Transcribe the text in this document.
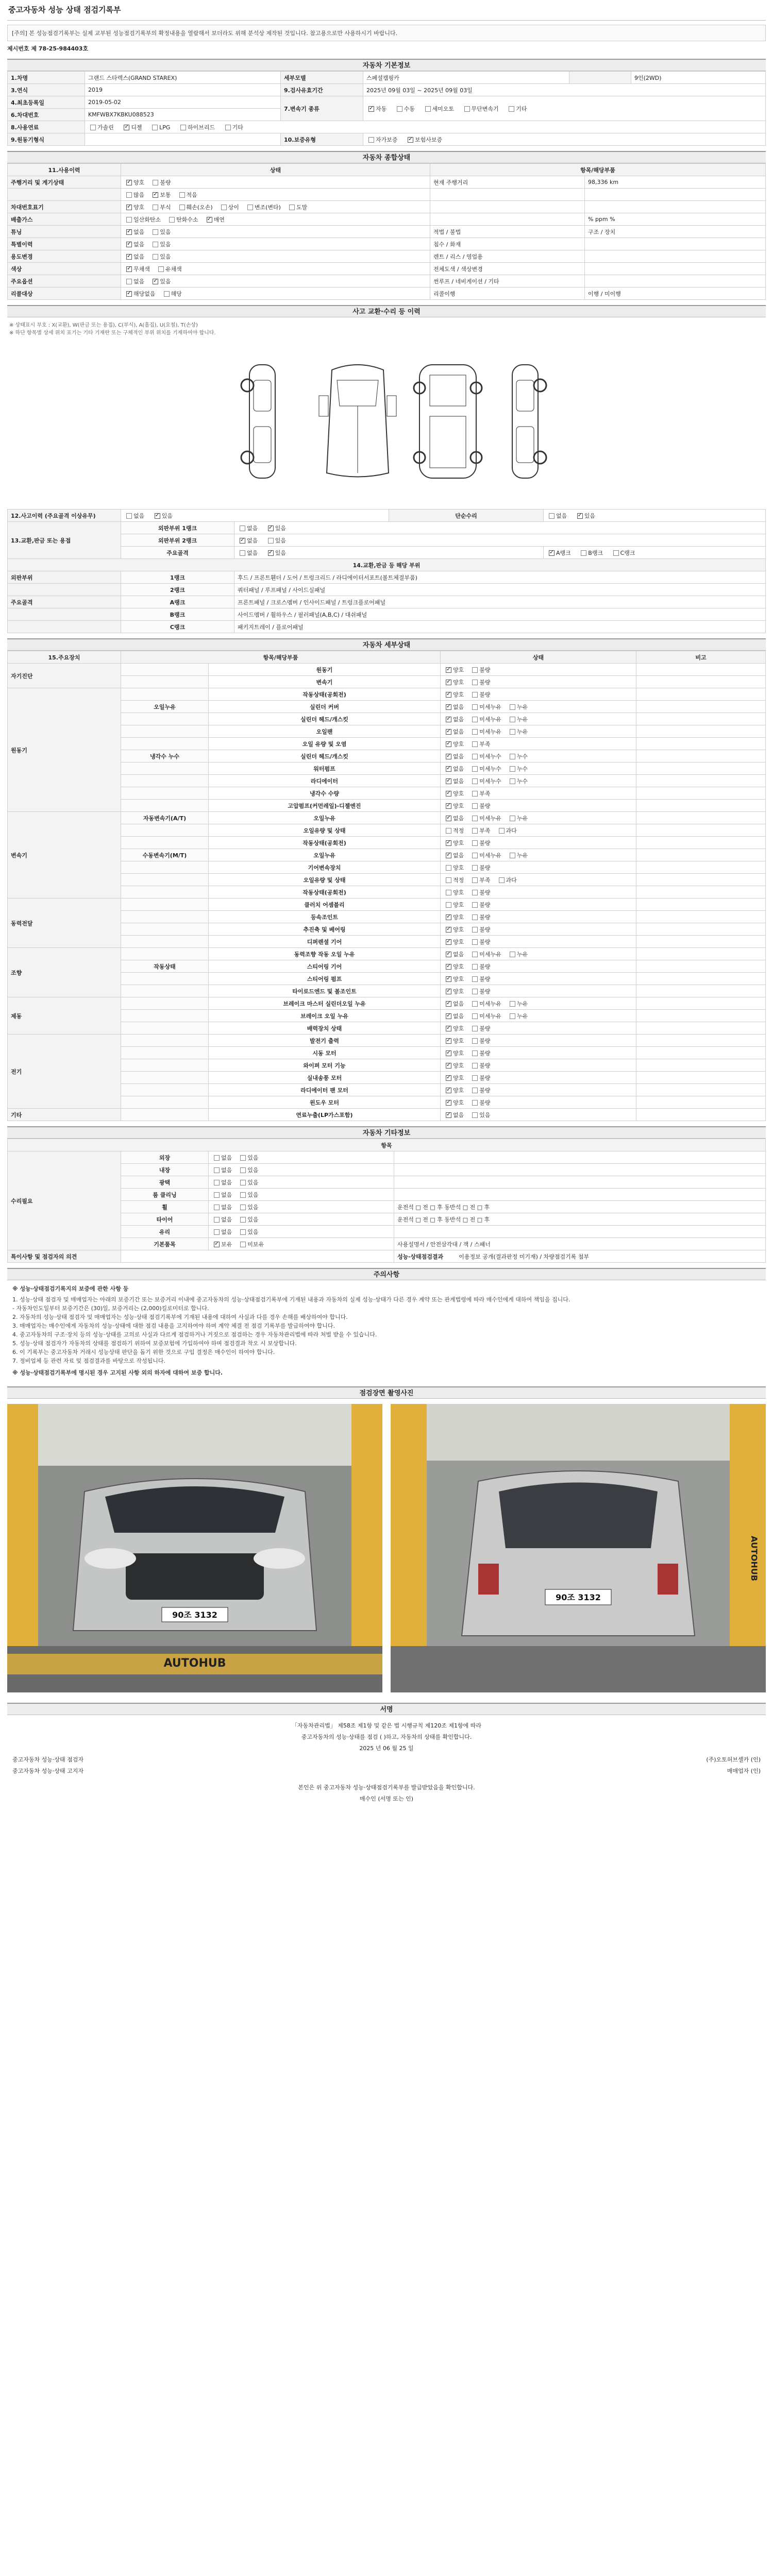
중고자동차 성능 상태 점검기록부
[주의] 본 성능점검기록부는 실제 교부된 성능점검기록부의 확정내용을 열람해서 보더라도 위해 분석상 제작된 것입니다. 참고용으로만 사용하시기 바랍니다.
제시번호 제 78-25-984403호
자동차 기본정보
1.차명	그랜드 스타렉스(GRAND STAREX)	세부모델	스페셜캠핑카		9인(2WD)
3.연식	2019	9.검사유효기간	2025년 09월 03일 ~ 2025년 09월 03일		
4.최초등록일	2019-05-02	7.변속기 종류	✓자동 수동 세미오토 무단변속기 기타
6.차대번호	KMFWBX7KBKU088523				
8.사용연료	가솔린 ✓ 디젤 LPG 하이브리드 기타
9.원동기형식		10.보증유형	자가보증 ✓ 보험사보증
자동차 종합상태
11.사용이력	상태	항목/해당부품	
주행거리 및 계기상태	✓양호 불량	현재 주행거리	98,336 km
	많음 ✓ 보통 적음		
차대번호표기	✓양호 부식 훼손(오손) 상이 변조(변타) 도말		
배출가스	일산화탄소 탄화수소 ✓ 매연		% ppm %
튜닝	✓없음 있음	적법 / 불법	구조 / 장치
특별이력	✓없음 있음	침수 / 화재	
용도변경	✓없음 있음	렌트 / 리스 / 영업용	
색상	✓무채색 유채색	전체도색 / 색상변경	
주요옵션	없음 ✓ 있음	썬루프 / 네비게이션 / 기타	
리콜대상	✓해당없음 해당	리콜이행	이행 / 미이행
사고 교환·수리 등 이력
※ 상태표시 부호 : X(교환), W(판금 또는 용접), C(부식), A(흠집), U(요철), T(손상)
※ 하단 항목별 상세 위치 표기는 기타 기재란 또는 구체적인 부위 위치를 기재하여야 합니다.
12.사고이력 (주요골격 이상유무)	없음 ✓ 있음		단순수리	없음 ✓ 있음
13.교환,판금 또는 용접	외판부위 1랭크	없음 ✓ 있음
	외판부위 2랭크	✓없음 있음
	주요골격	없음 ✓ 있음	✓A랭크 B랭크 C랭크
14.교환,판금 등 해당 부위				
외판부위	1랭크	후드 / 프론트휀더 / 도어 / 트렁크리드 / 라디에이터서포트(볼트체결부품)		
	2랭크	쿼터패널 / 루프패널 / 사이드실패널		
주요골격	A랭크	프론트패널 / 크로스멤버 / 인사이드패널 / 트렁크플로어패널		
	B랭크	사이드멤버 / 휠하우스 / 필러패널(A,B,C) / 대쉬패널		
	C랭크	패키지트레이 / 플로어패널		
자동차 세부상태
15.주요장치	항목/해당부품		상태	비고
자기진단		원동기	✓양호 불량	
		변속기	✓양호 불량	
원동기		작동상태(공회전)	✓양호 불량	
	오일누유	실린더 커버	✓없음 미세누유 누유	
		실린더 헤드/개스킷	✓없음 미세누유 누유	
		오일팬	✓없음 미세누유 누유	
		오일 유량 및 오염	✓양호 부족	
	냉각수 누수	실린더 헤드/개스킷	✓없음 미세누수 누수	
		워터펌프	✓없음 미세누수 누수	
		라디에이터	✓없음 미세누수 누수	
		냉각수 수량	✓양호 부족	
		고압펌프(커먼레일)-디젤엔진	✓양호 불량	
변속기	자동변속기(A/T)	오일누유	✓없음 미세누유 누유	
		오일유량 및 상태	적정 부족 과다	
		작동상태(공회전)	✓양호 불량	
	수동변속기(M/T)	오일누유	✓없음 미세누유 누유	
		기어변속장치	양호 불량	
		오일유량 및 상태	적정 부족 과다	
		작동상태(공회전)	양호 불량	
동력전달		클러치 어셈블리	양호 불량	
		등속조인트	✓양호 불량	
		추진축 및 베어링	✓양호 불량	
		디퍼렌셜 기어	✓양호 불량	
조향		동력조향 작동 오일 누유	✓없음 미세누유 누유	
	작동상태	스티어링 기어	✓양호 불량	
		스티어링 펌프	✓양호 불량	
		타이로드엔드 및 볼조인트	✓양호 불량	
제동		브레이크 마스터 실린더오일 누유	✓없음 미세누유 누유	
		브레이크 오일 누유	✓없음 미세누유 누유	
		배력장치 상태	✓양호 불량	
전기		발전기 출력	✓양호 불량	
		시동 모터	✓양호 불량	
		와이퍼 모터 기능	✓양호 불량	
		실내송풍 모터	✓양호 불량	
		라디에이터 팬 모터	✓양호 불량	
		윈도우 모터	✓양호 불량	
기타		연료누출(LP가스포함)	✓없음 있음	
자동차 기타정보
항목			
수리필요	외장	없음 있음	
	내장	없음 있음	
	광택	없음 있음	
	룸 클리닝	없음 있음	
	휠	없음 있음	운전석 □ 전 □ 후 동반석 □ 전 □ 후
	타이어	없음 있음	운전석 □ 전 □ 후 동반석 □ 전 □ 후
	유리	없음 있음	
	기본품목	✓보유 미보유	사용설명서 / 안전삼각대 / 잭 / 스패너
특이사항 및 점검자의 의견			성능·상태점검결과 이용정보 공개(결과판정 미기재) / 차량점검기록 첨부
주의사항
※ 성능·상태점검기록지의 보증에 관한 사항 등
1. 성능·상태 점검자 및 매매업자는 아래의 보증기간 또는 보증거리 이내에 중고자동차의 성능·상태점검기록부에 기재된 내용과 자동차의 실제 성능·상태가 다른 경우 계약 또는 관계법령에 따라 매수인에게 대하여 책임을 집니다.
- 자동차인도일부터 보증기간은 (30)일, 보증거리는 (2,000)킬로미터로 합니다.
2. 자동차의 성능·상태 점검자 및 매매업자는 성능·상태 점검기록부에 기재된 내용에 대하여 사실과 다를 경우 손해를 배상하여야 합니다.
3. 매매업자는 매수인에게 자동차의 성능·상태에 대한 점검 내용을 고지하여야 하며 계약 체결 전 점검 기록부를 발급하여야 합니다.
4. 중고자동차의 구조·장치 등의 성능·상태를 고의로 사실과 다르게 점검하거나 거짓으로 점검하는 경우 자동차관리법에 따라 처벌 받을 수 있습니다.
5. 성능·상태 점검자가 자동차의 상태를 점검하기 위하여 보증보험에 가입하여야 하며 점검결과 착오 시 보상합니다.
6. 이 기록부는 중고자동차 거래시 성능상태 판단을 돕기 위한 것으로 구입 결정은 매수인이 하여야 합니다.
7. 정비업체 등 관련 자료 및 점검결과를 바탕으로 작성됩니다.
※ 성능·상태점검기록부에 명시된 경우 고지된 사항 외의 하자에 대하여 보증 합니다.
점검장면 촬영사진
90조 3132
AUTOHUB
90조 3132
AUTOHUB
서명
「자동차관리법」 제58조 제1항 및 같은 법 시행규칙 제120조 제1항에 따라
중고자동차의 성능·상태를 점검 ( )하고, 자동차의 상태를 확인합니다.
2025 년 06 월 25 일
중고자동차 성능·상태 점검자	(주)오토허브셀카 (인)
중고자동차 성능·상태 고지자	매매업자 (인)
본인은 위 중고자동차 성능·상태점검기록부를 발급받았음을 확인합니다.
매수인 (서명 또는 인)
